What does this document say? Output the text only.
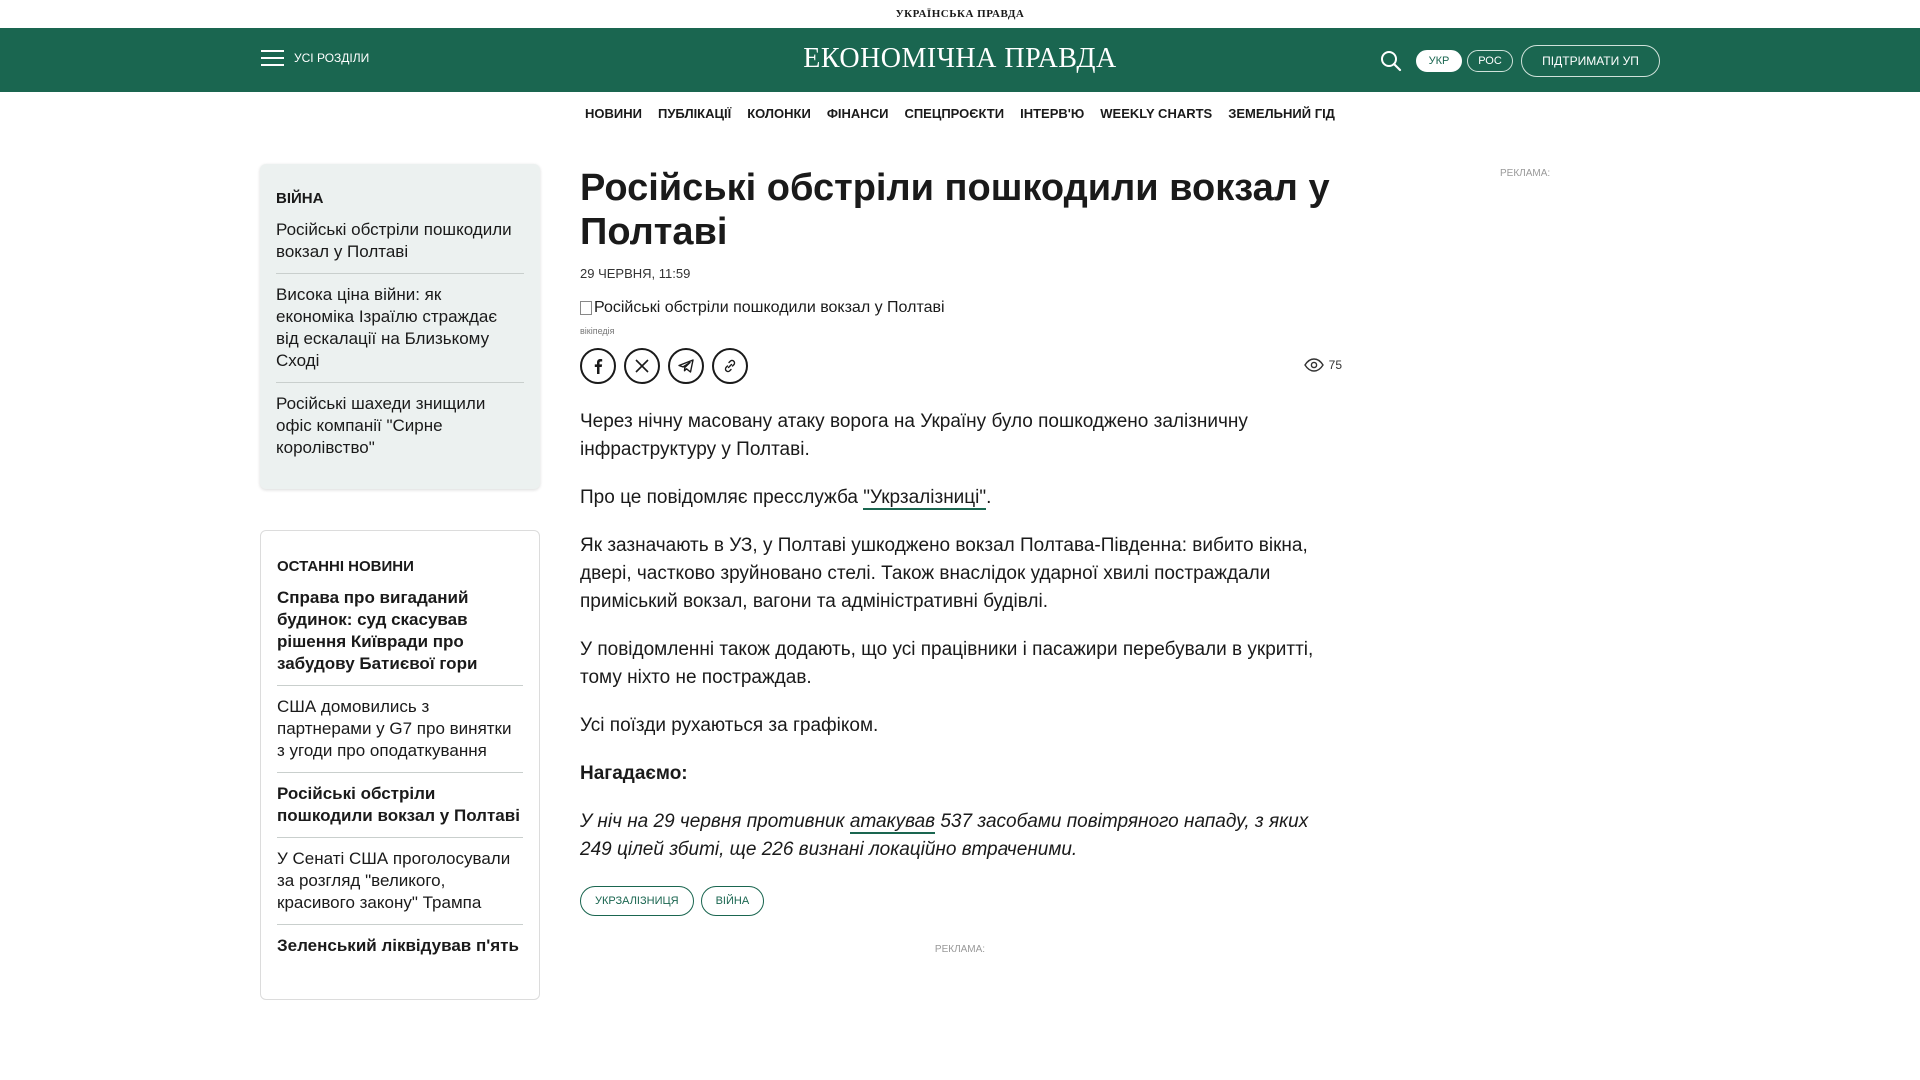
УКРАЇНСЬКА ПРАВДА
УСІ РОЗДІЛИ	ЕКОНОМІЧНА ПРАВДА	УКР	РОС	ПІДТРИМАТИ УП
НОВИНИ ПУБЛІКАЦІЇ КОЛОНКИ ФІНАНСИ СПЕЦПРОЄКТИ ІНТЕРВ'Ю WEEKLY CHARTS ЗЕМЕЛЬНИЙ ГІД
ВІЙНА
Російські обстріли пошкодили вокзал у Полтаві
Висока ціна війни: як економіка Ізраїлю страждає від ескалації на Близькому Сході
Російські шахеди знищили офіс компанії "Сирне королівство"
ОСТАННІ НОВИНИ
Справа про вигаданий будинок: суд скасував рішення Київради про забудову Батиєвої гори
США домовились з партнерами у G7 про винятки з угоди про оподаткування
Російські обстріли пошкодили вокзал у Полтаві
У Сенаті США проголосували за розгляд "великого, красивого закону" Трампа
Зеленський ліквідував п'ять
Російські обстріли пошкодили вокзал у Полтаві
29 ЧЕРВНЯ, 11:59
Російські обстріли пошкодили вокзал у Полтаві
вікіпедія
75

Через нічну масовану атаку ворога на Україну було пошкоджено залізничну інфраструктуру у Полтаві.

Про це повідомляє пресслужба "Укрзалізниці".

Як зазначають в УЗ, у Полтаві ушкоджено вокзал Полтава-Південна: вибито вікна, двері, частково зруйновано стелі. Також внаслідок ударної хвилі постраждали приміський вокзал, вагони та адміністративні будівлі.

У повідомленні також додають, що усі працівники і пасажири перебували в укритті, тому ніхто не постраждав.

Усі поїзди рухаються за графіком.

Нагадаємо:

У ніч на 29 червня противник атакував 537 засобами повітряного нападу, з яких 249 цілей збиті, ще 226 визнані локаційно втраченими.

УКРЗАЛІЗНИЦЯ	ВІЙНА
РЕКЛАМА:
РЕКЛАМА:
